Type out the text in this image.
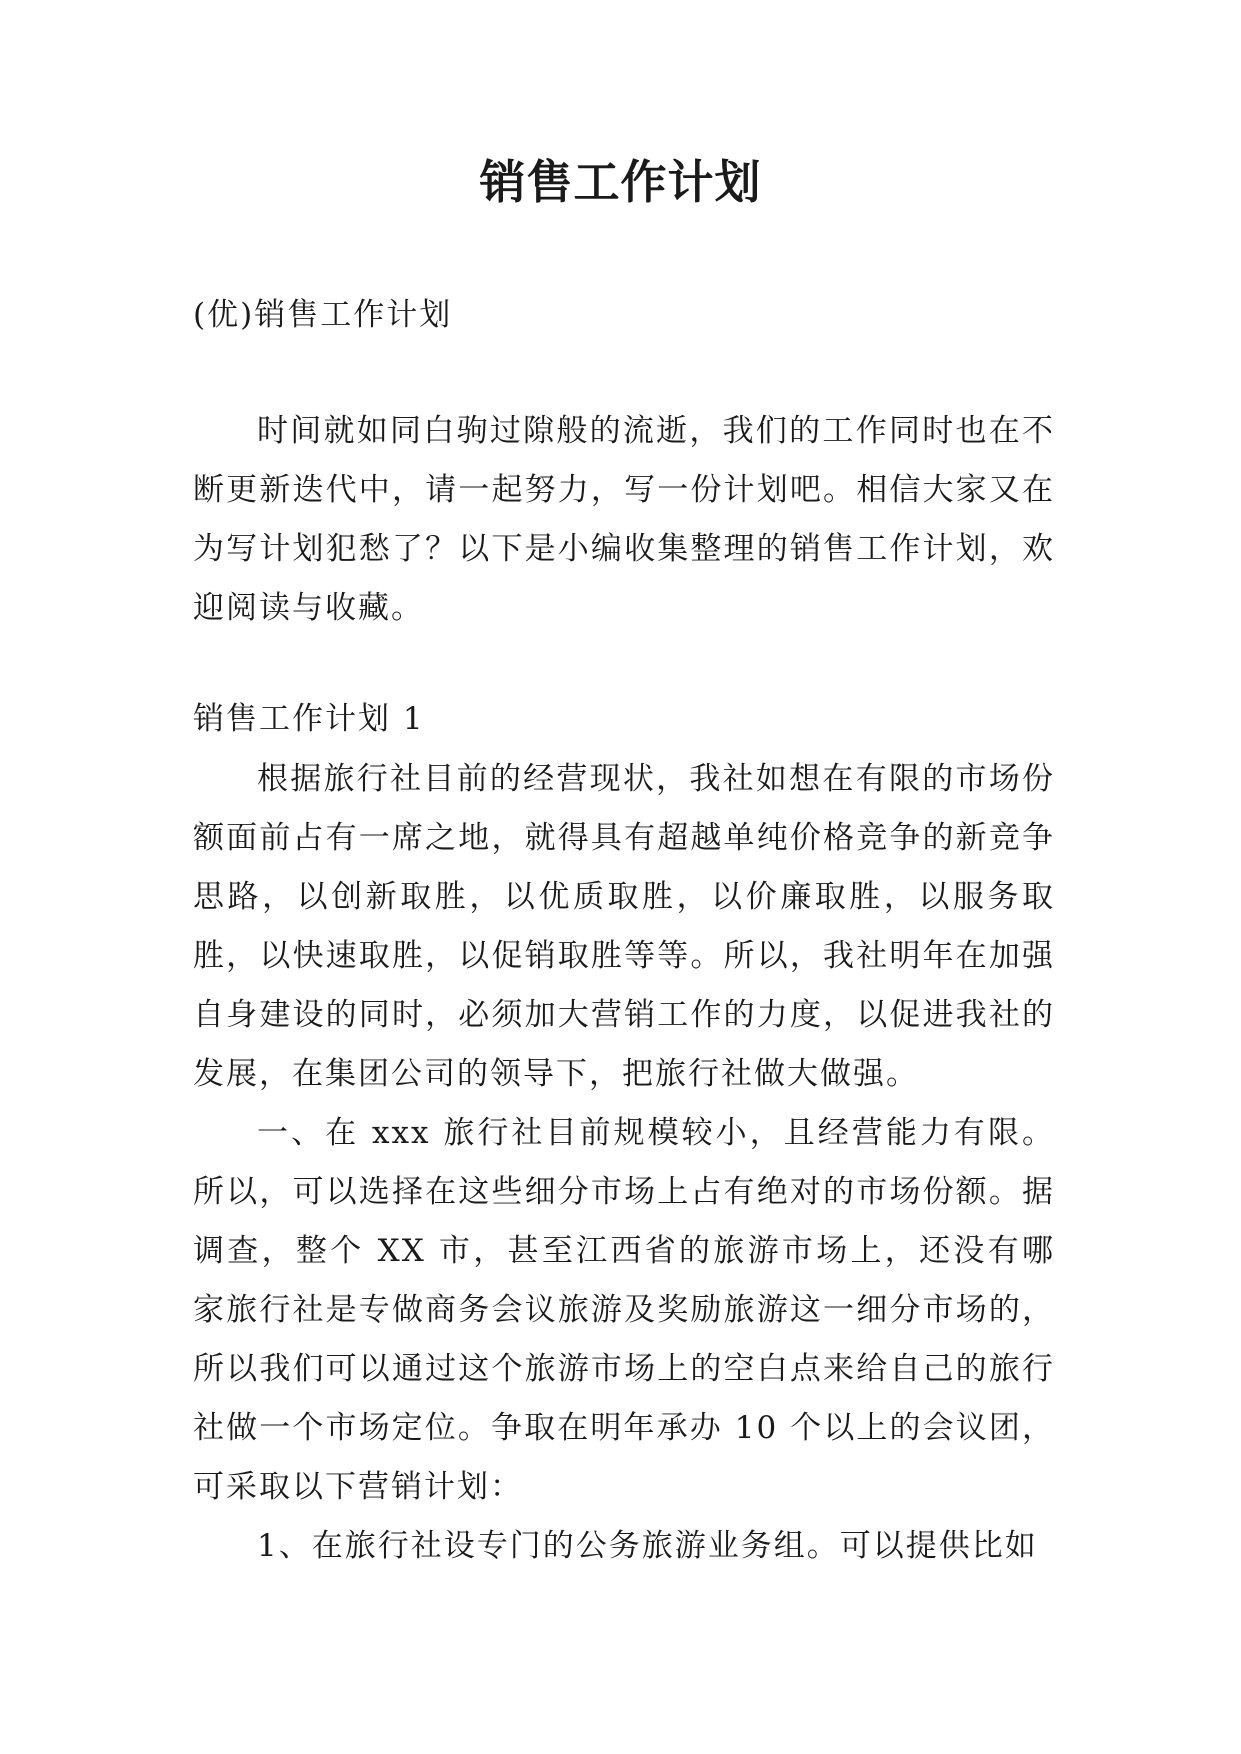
销售工作计划

(优)销售工作计划

时间就如同白驹过隙般的流逝，我们的工作同时也在不断更新迭代中，请一起努力，写一份计划吧。相信大家又在为写计划犯愁了？以下是小编收集整理的销售工作计划，欢迎阅读与收藏。

销售工作计划 1

根据旅行社目前的经营现状，我社如想在有限的市场份额面前占有一席之地，就得具有超越单纯价格竞争的新竞争思路，以创新取胜，以优质取胜，以价廉取胜，以服务取胜，以快速取胜，以促销取胜等等。所以，我社明年在加强自身建设的同时，必须加大营销工作的力度，以促进我社的发展，在集团公司的领导下，把旅行社做大做强。

一、在 xxx 旅行社目前规模较小，且经营能力有限。所以，可以选择在这些细分市场上占有绝对的市场份额。据调查，整个 XX 市，甚至江西省的旅游市场上，还没有哪家旅行社是专做商务会议旅游及奖励旅游这一细分市场的，所以我们可以通过这个旅游市场上的空白点来给自己的旅行社做一个市场定位。争取在明年承办 10 个以上的会议团，可采取以下营销计划：

1、在旅行社设专门的公务旅游业务组。可以提供比如
